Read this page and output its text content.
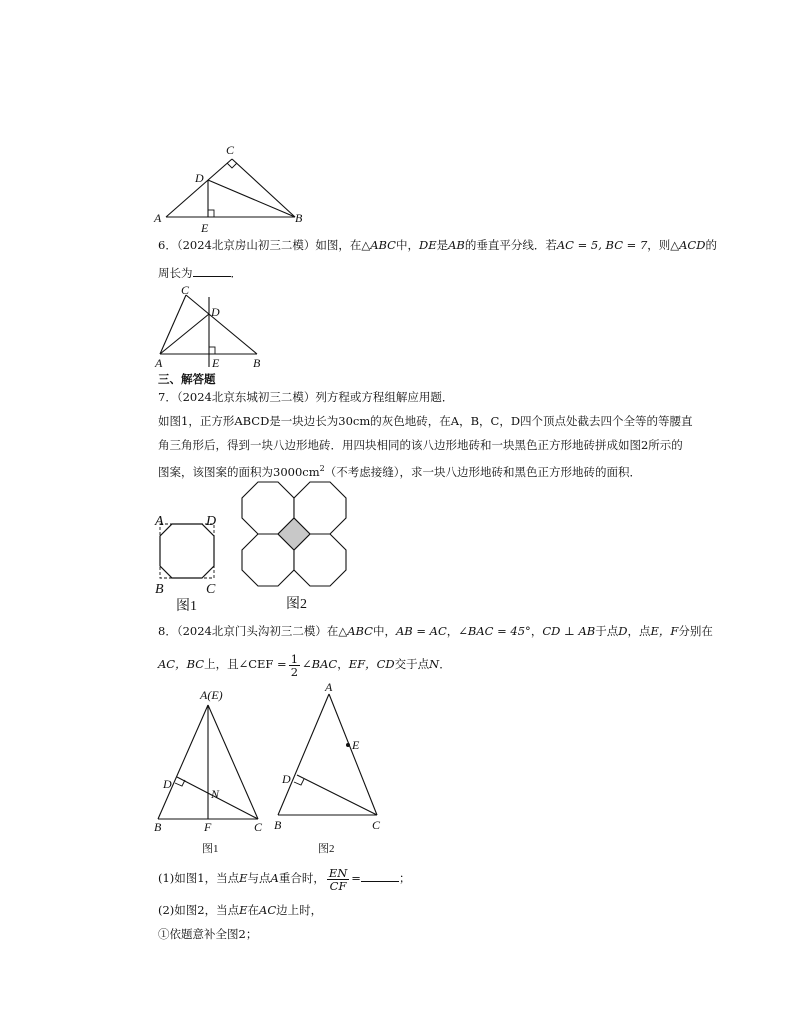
C
D
A
E
B
6．（2024北京房山初三二模）如图，在△ABC中，DE是AB的垂直平分线．若AC = 5, BC = 7，则△ACD的
周长为	．
C
D
A	E	B
三、解答题
7．（2024北京东城初三二模）列方程或方程组解应用题．
如图1，正方形ABCD是一块边长为30cm的灰色地砖，在A，B，C，D四个顶点处截去四个全等的等腰直
角三角形后，得到一块八边形地砖．用四块相同的该八边形地砖和一块黑色正方形地砖拼成如图2所示的
图案，该图案的面积为$3000cm^2$（不考虑接缝），求一块八边形地砖和黑色正方形地砖的面积．
A	D
B	C
图1	图2
8．（2024北京门头沟初三二模）在△ABC中，AB = AC，∠BAC = 45°，CD ⊥ AB于点D，点E，F分别在
AC，BC上，且∠CEF = $\frac{1}{2}$ ∠BAC，EF，CD交于点N．
A(E)
D
N
B	F	C
图1
A
E
D
B	C
图2
(1)如图1，当点E与点A重合时， $\frac{EN}{CF}$ =	；
(2)如图2，当点E在AC边上时，
①依题意补全图2；
